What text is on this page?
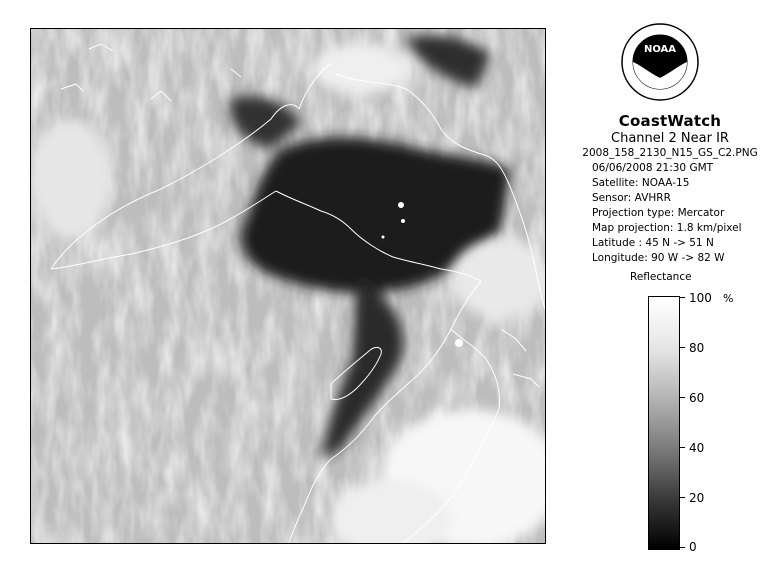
NOAA
CoastWatch
Channel 2 Near IR
2008_158_2130_N15_GS_C2.PNG
06/06/2008 21:30 GMT
Satellite: NOAA-15
Sensor: AVHRR
Projection type: Mercator
Map projection: 1.8 km/pixel
Latitude : 45 N -> 51 N
Longitude: 90 W -> 82 W
Reflectance
%
100
80
60
40
20
0
